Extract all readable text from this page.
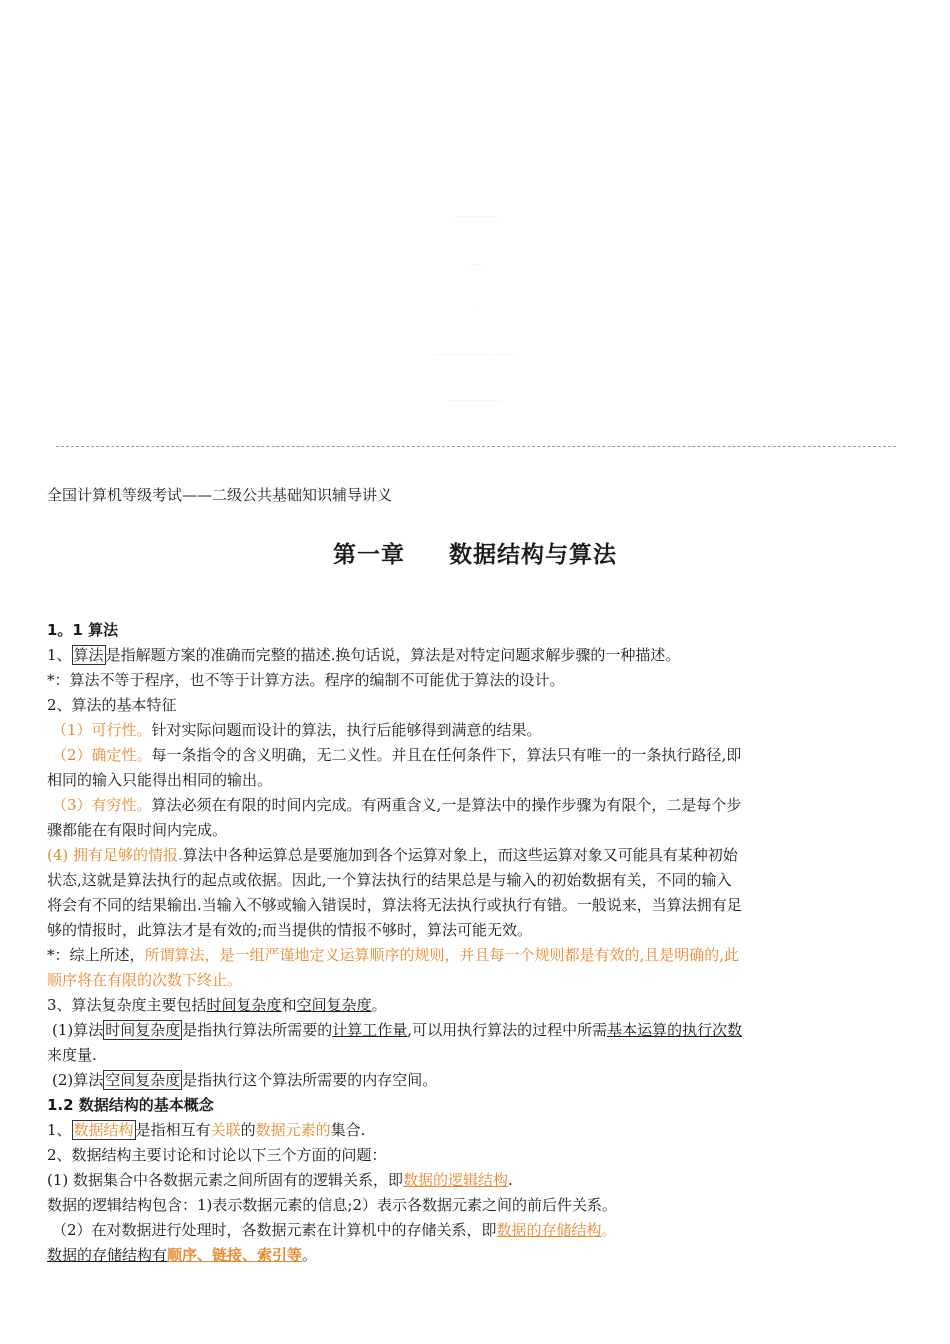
·
·
— — — — — — — — — — — — — — — — —
— — — — —
· · ·
— — — — — — — — — — — — — — — — — — — — — — — — — — — — — — — —
— — — — — — — — — — — — — — — — — — — —
全国计算机等级考试——二级公共基础知识辅导讲义
第一章 数据结构与算法

1。1 算法

1、 算法 是指解题方案的准确而完整的描述.换句话说，算法是对特定问题求解步骤的一种描述。

*：算法不等于程序，也不等于计算方法。程序的编制不可能优于算法的设计。

2、算法的基本特征

（1）可行性。针对实际问题而设计的算法，执行后能够得到满意的结果。

（2）确定性。每一条指令的含义明确，无二义性。并且在任何条件下，算法只有唯一的一条执行路径,即

相同的输入只能得出相同的输出。

（3）有穷性。算法必须在有限的时间内完成。有两重含义,一是算法中的操作步骤为有限个，二是每个步

骤都能在有限时间内完成。

(4) 拥有足够的情报.算法中各种运算总是要施加到各个运算对象上，而这些运算对象又可能具有某种初始

状态,这就是算法执行的起点或依据。因此,一个算法执行的结果总是与输入的初始数据有关，不同的输入

将会有不同的结果输出.当输入不够或输入错误时，算法将无法执行或执行有错。一般说来，当算法拥有足

够的情报时，此算法才是有效的;而当提供的情报不够时，算法可能无效。

*：综上所述，所谓算法，是一组严谨地定义运算顺序的规则，并且每一个规则都是有效的,且是明确的,此

顺序将在有限的次数下终止。

3、算法复杂度主要包括时间复杂度和空间复杂度。

(1)算法 时间复杂度 是指执行算法所需要的计算工作量,可以用执行算法的过程中所需基本运算的执行次数

来度量.

(2)算法 空间复杂度 是指执行这个算法所需要的内存空间。

1.2 数据结构的基本概念

1、 数据结构 是指相互有关联的数据元素的集合.

2、数据结构主要讨论和讨论以下三个方面的问题：

(1) 数据集合中各数据元素之间所固有的逻辑关系，即数据的逻辑结构.

数据的逻辑结构包含：1)表示数据元素的信息;2）表示各数据元素之间的前后件关系。

（2）在对数据进行处理时，各数据元素在计算机中的存储关系，即数据的存储结构。

数据的存储结构有顺序、链接、索引等。
